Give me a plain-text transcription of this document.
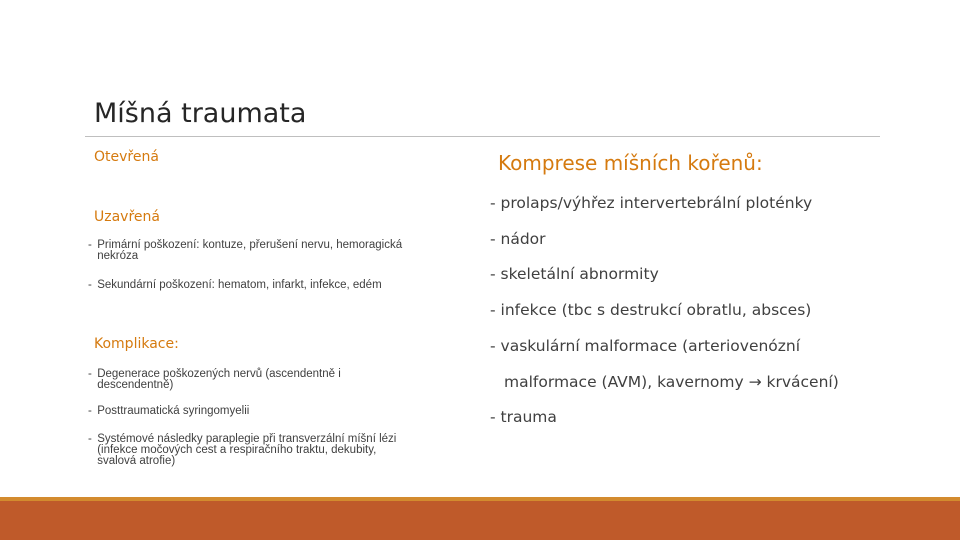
Míšná traumata
Otevřená
Uzavřená
- Primární poškození: kontuze, přerušení nervu, hemoragická
nekróza
- Sekundární poškození: hematom, infarkt, infekce, edém
Komplikace:
- Degenerace poškozených nervů (ascendentně i
descendentně)
- Posttraumatická syringomyelii
- Systémové následky paraplegie při transverzální míšní lézi
(infekce močových cest a respiračního traktu, dekubity,
svalová atrofie)
Komprese míšních kořenů:
- prolaps/výhřez intervertebrální ploténky
- nádor
- skeletální abnormity
- infekce (tbc s destrukcí obratlu, absces)
- vaskulární malformace (arteriovenózní
malformace (AVM), kavernomy → krvácení)
- trauma
